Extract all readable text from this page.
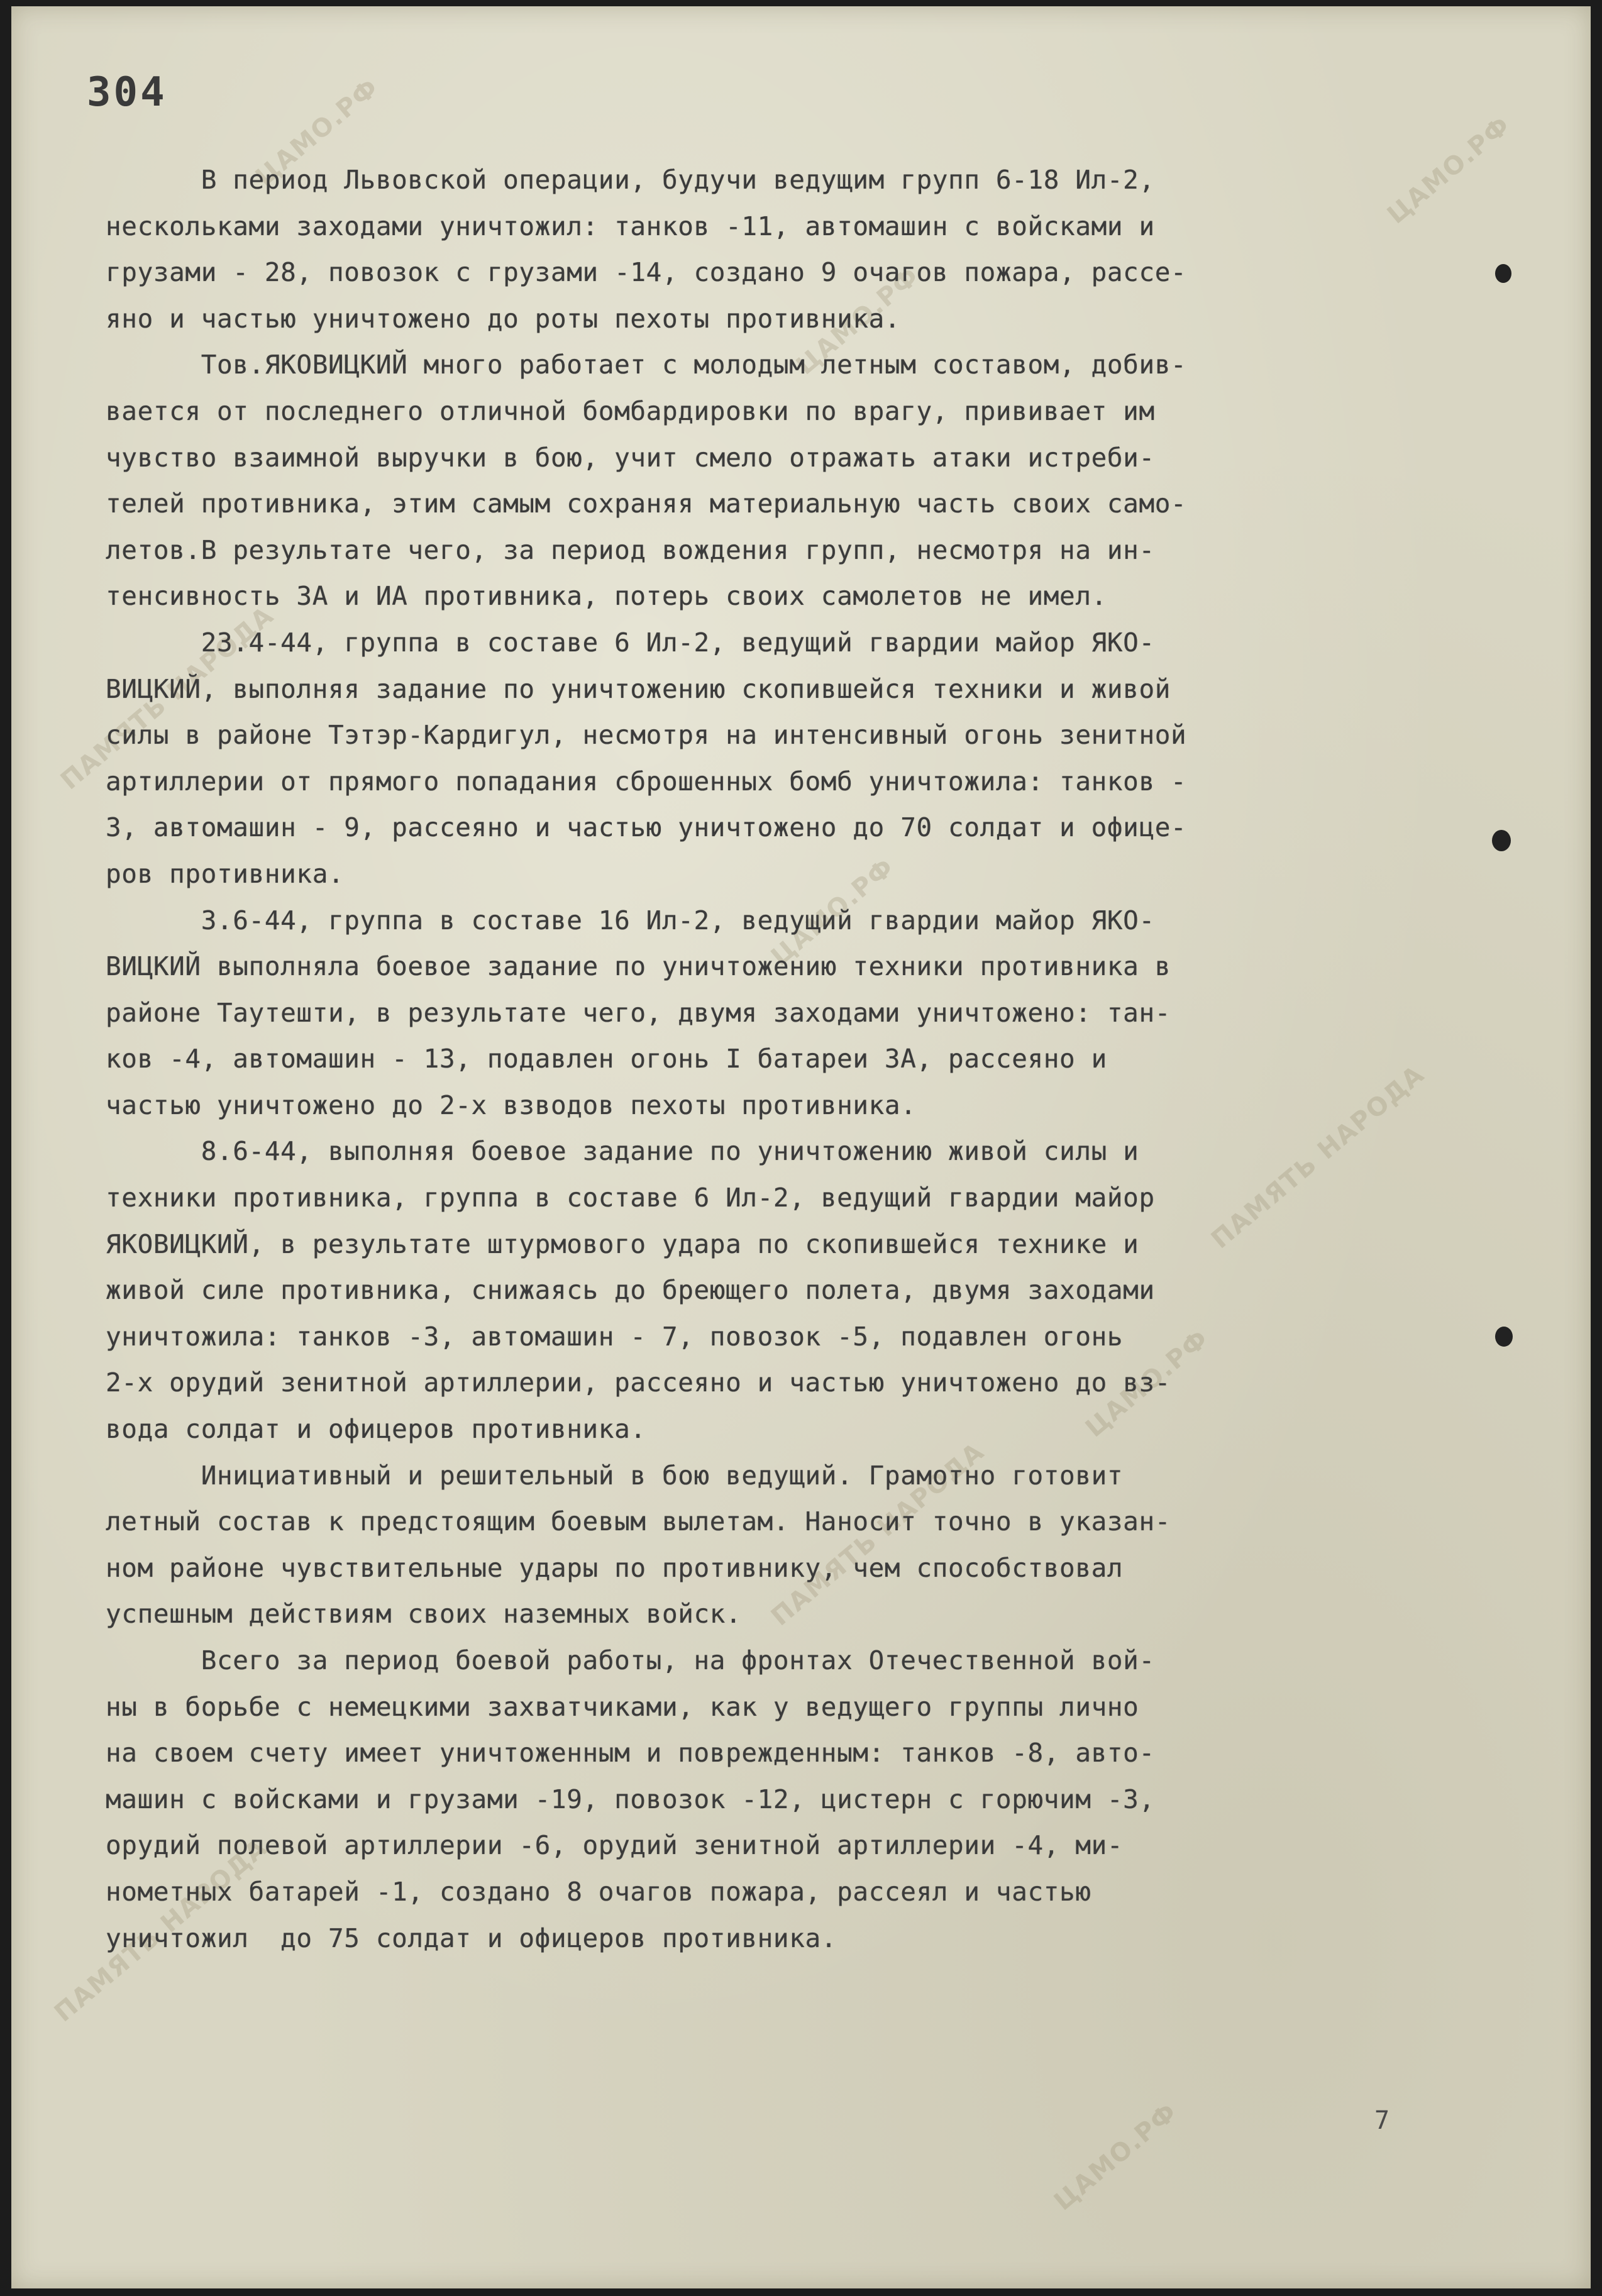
ЦАМО.РФ
ЦАМО.РФ
ЦАМО.РФ
ЦАМО.РФ
ЦАМО.РФ
ЦАМО.РФ
ПАМЯТЬ НАРОДА
ПАМЯТЬ НАРОДА
ПАМЯТЬ НАРОДА
ПАМЯТЬ НАРОДА
304
В период Львовской операции, будучи ведущим групп 6-18 Ил-2,
нескольками заходами уничтожил: танков -11, автомашин с войсками и
грузами - 28, повозок с грузами -14, создано 9 очагов пожара, рассе-
яно и частью уничтожено до роты пехоты противника.
Тов.ЯКОВИЦКИЙ много работает с молодым летным составом, добив-
вается от последнего отличной бомбардировки по врагу, прививает им
чувство взаимной выручки в бою, учит смело отражать атаки истреби-
телей противника, этим самым сохраняя материальную часть своих само-
летов.В результате чего, за период вождения групп, несмотря на ин-
тенсивность ЗА и ИА противника, потерь своих самолетов не имел.
23.4-44, группа в составе 6 Ил-2, ведущий гвардии майор ЯКО-
ВИЦКИЙ, выполняя задание по уничтожению скопившейся техники и живой
силы в районе Тэтэр-Кардигул, несмотря на интенсивный огонь зенитной
артиллерии от прямого попадания сброшенных бомб уничтожила: танков -
3, автомашин - 9, рассеяно и частью уничтожено до 70 солдат и офице-
ров противника.
3.6-44, группа в составе 16 Ил-2, ведущий гвардии майор ЯКО-
ВИЦКИЙ выполняла боевое задание по уничтожению техники противника в
районе Таутешти, в результате чего, двумя заходами уничтожено: тан-
ков -4, автомашин - 13, подавлен огонь I батареи ЗА, рассеяно и
частью уничтожено до 2-х взводов пехоты противника.
8.6-44, выполняя боевое задание по уничтожению живой силы и
техники противника, группа в составе 6 Ил-2, ведущий гвардии майор
ЯКОВИЦКИЙ, в результате штурмового удара по скопившейся технике и
живой силе противника, снижаясь до бреющего полета, двумя заходами
уничтожила: танков -3, автомашин - 7, повозок -5, подавлен огонь
2-х орудий зенитной артиллерии, рассеяно и частью уничтожено до вз-
вода солдат и офицеров противника.
Инициативный и решительный в бою ведущий. Грамотно готовит
летный состав к предстоящим боевым вылетам. Наносит точно в указан-
ном районе чувствительные удары по противнику, чем способствовал
успешным действиям своих наземных войск.
Всего за период боевой работы, на фронтах Отечественной вой-
ны в борьбе с немецкими захватчиками, как у ведущего группы лично
на своем счету имеет уничтоженным и поврежденным: танков -8, авто-
машин с войсками и грузами -19, повозок -12, цистерн с горючим -3,
орудий полевой артиллерии -6, орудий зенитной артиллерии -4, ми-
нометных батарей -1, создано 8 очагов пожара, рассеял и частью
уничтожил  до 75 солдат и офицеров противника.
7
